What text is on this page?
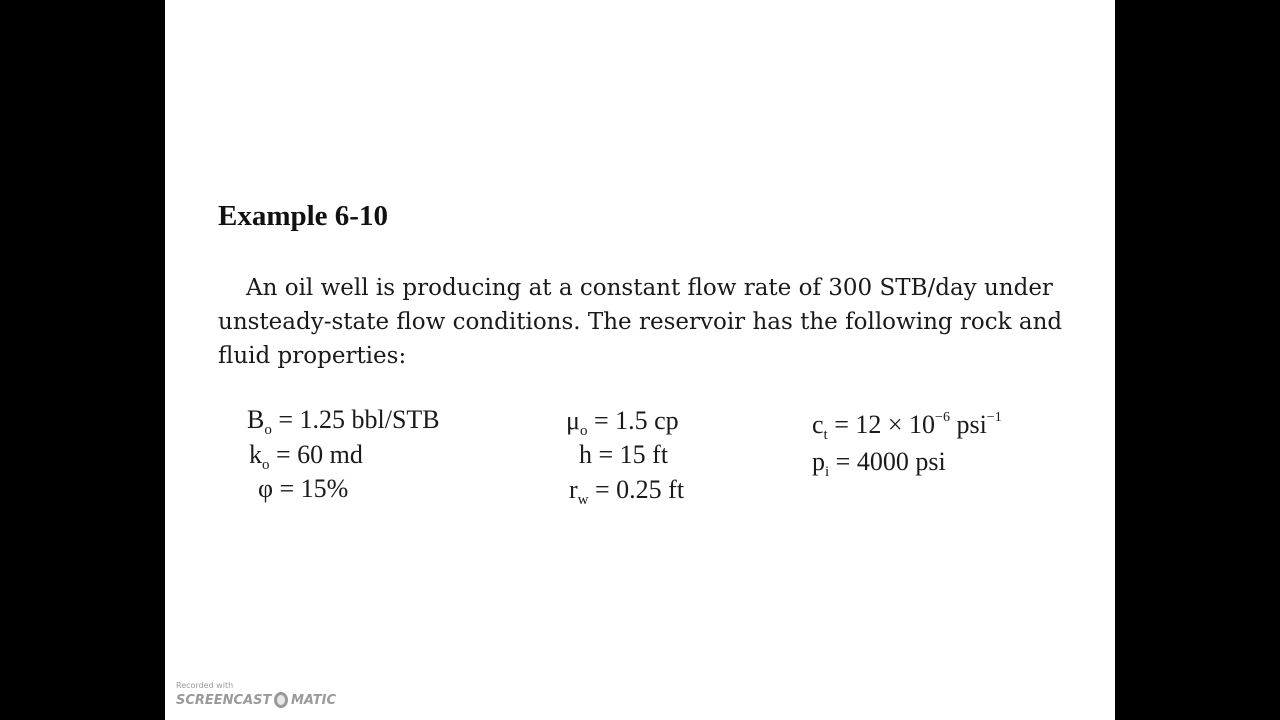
Example 6-10
An oil well is producing at a constant flow rate of 300 STB/day under
unsteady-state flow conditions. The reservoir has the following rock and
fluid properties:
$B_o = 1.25$ bbl/STB
$k_o = 60$ md
φ = 15%
$\mu_o = 1.5$ cp
h = 15 ft
$r_w = 0.25$ ft
$c_t = 12 \times 10^{-6}$ psi$^{-1}$
$p_i = 4000$ psi
Recorded with
SCREENCAST MATIC
